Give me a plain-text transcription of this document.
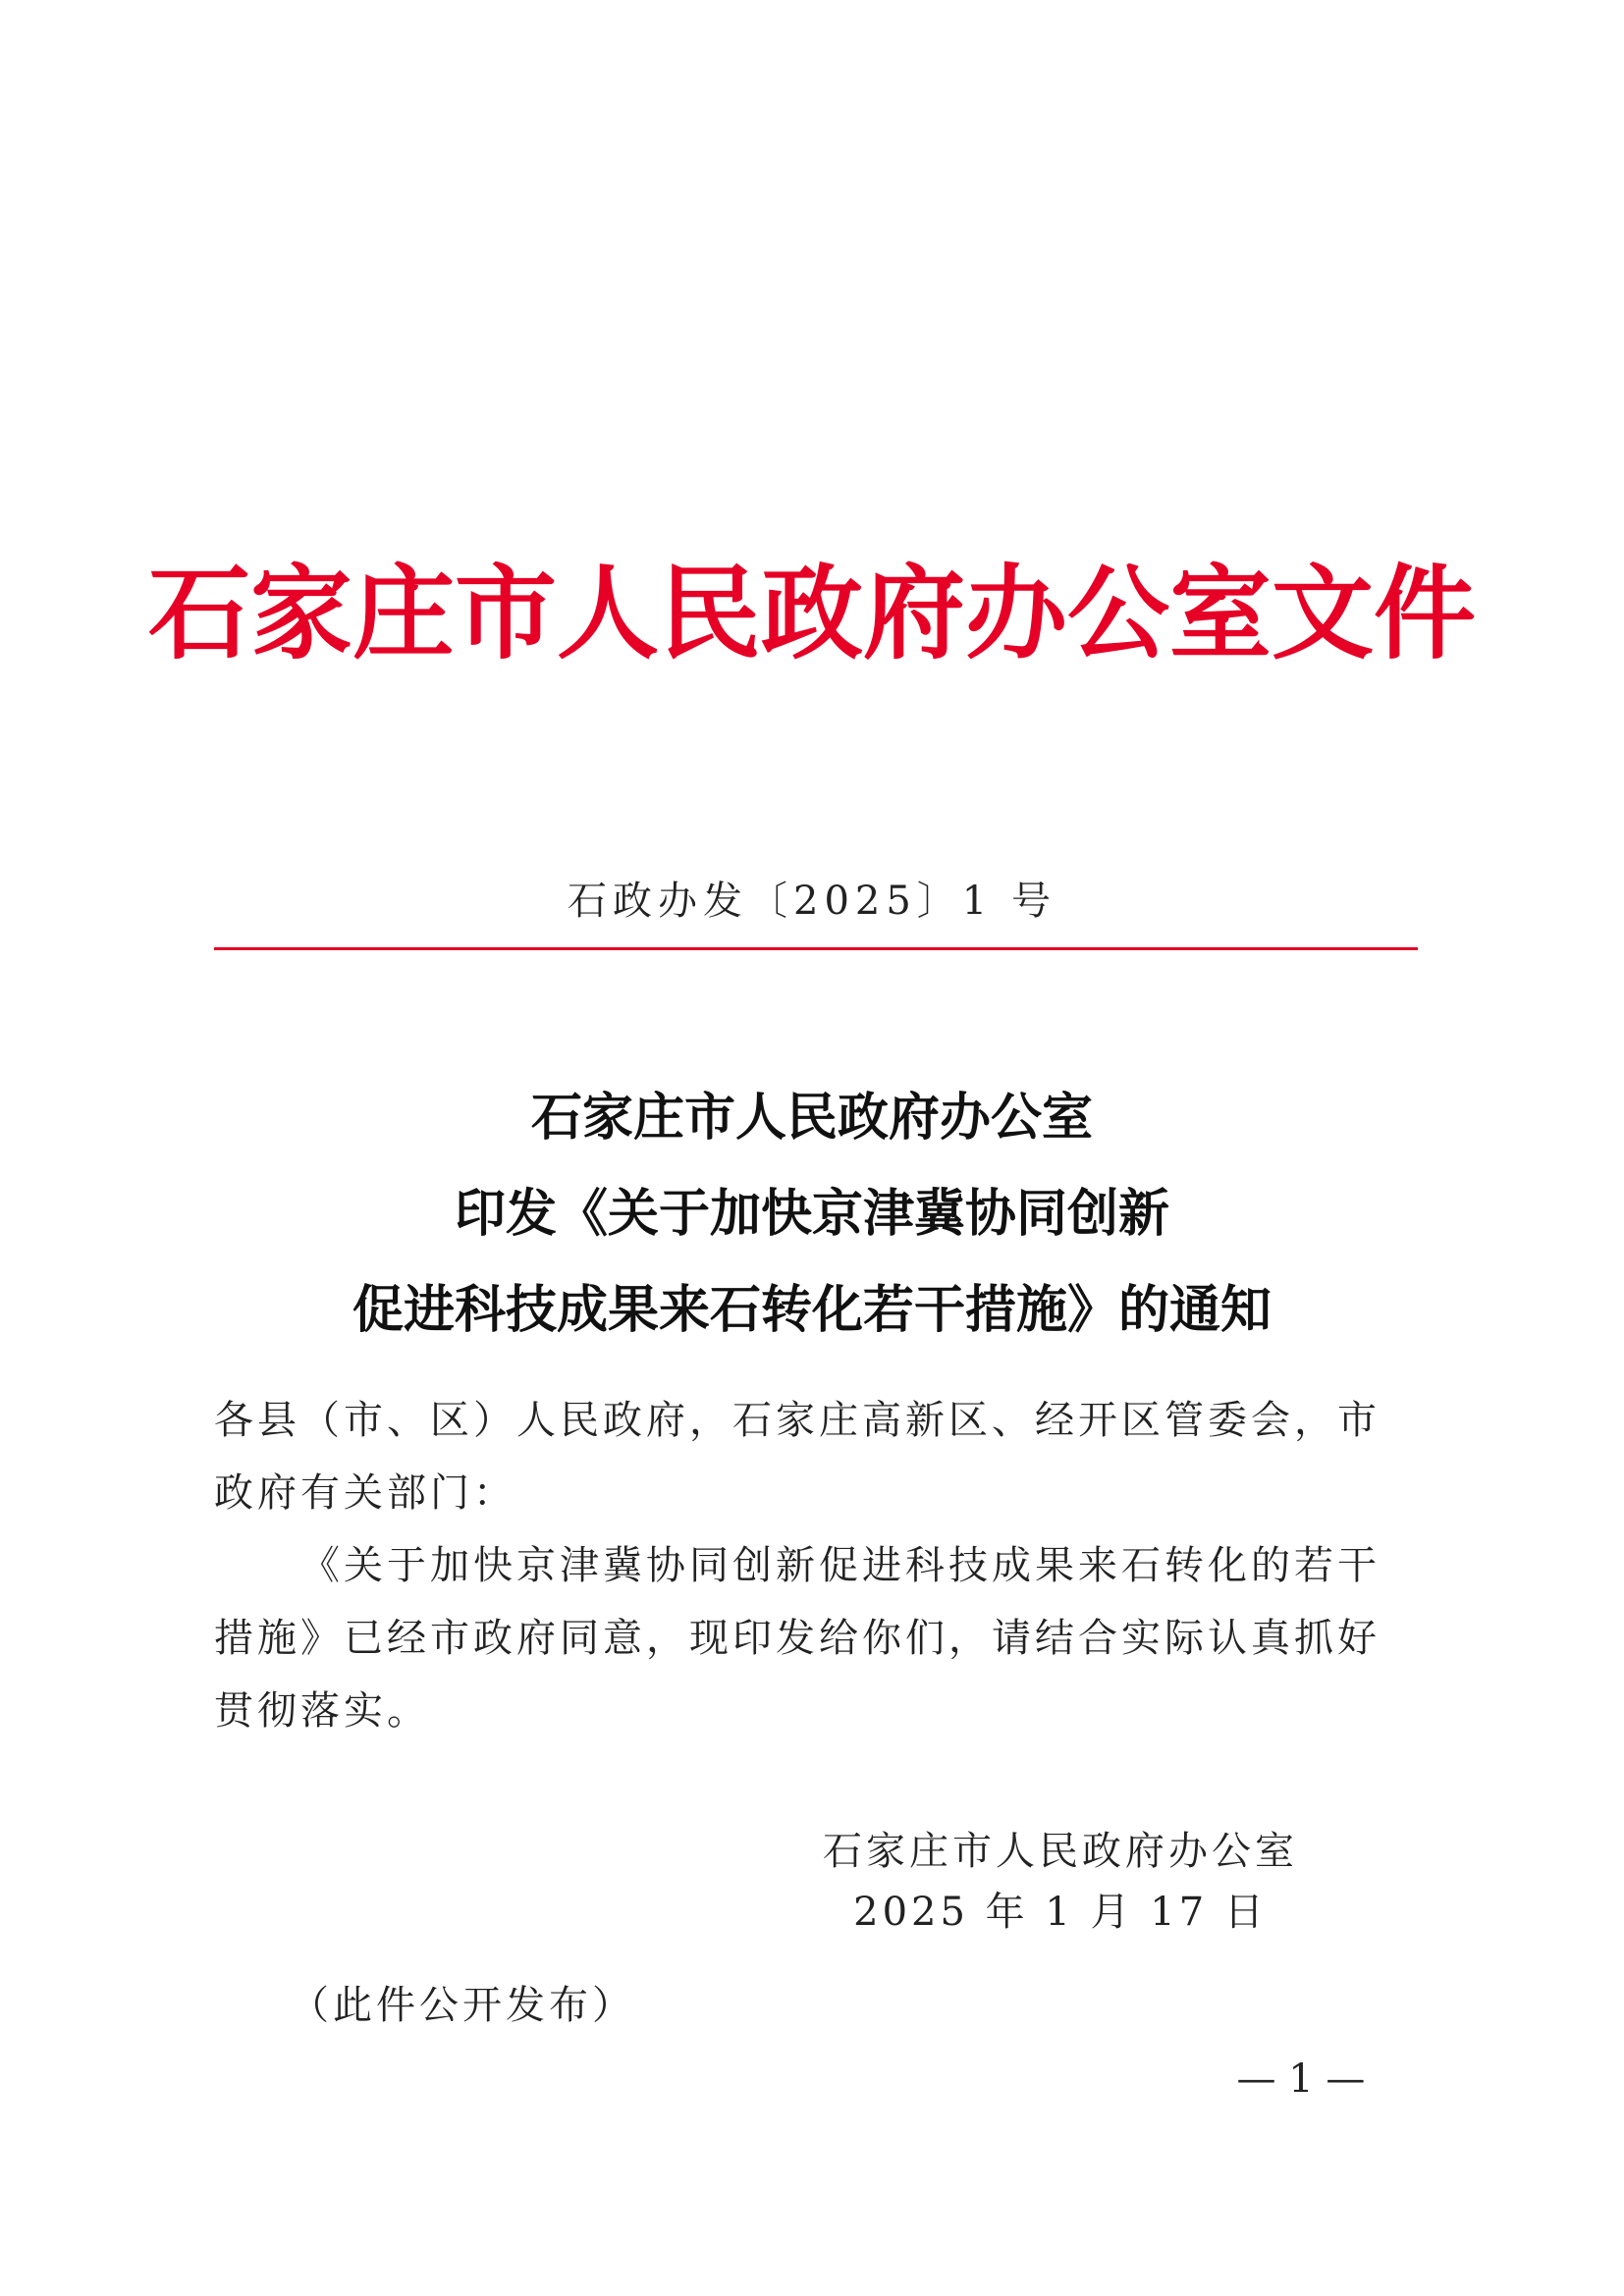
石家庄市人民政府办公室文件
石政办发〔2025〕1 号
石家庄市人民政府办公室
印发《关于加快京津冀协同创新
促进科技成果来石转化若干措施》的通知

各县（市、区）人民政府，石家庄高新区、经开区管委会，市政府有关部门：

《关于加快京津冀协同创新促进科技成果来石转化的若干措施》已经市政府同意，现印发给你们，请结合实际认真抓好贯彻落实。

石家庄市人民政府办公室
2025 年 1 月 17 日
（此件公开发布）
— 1 —
